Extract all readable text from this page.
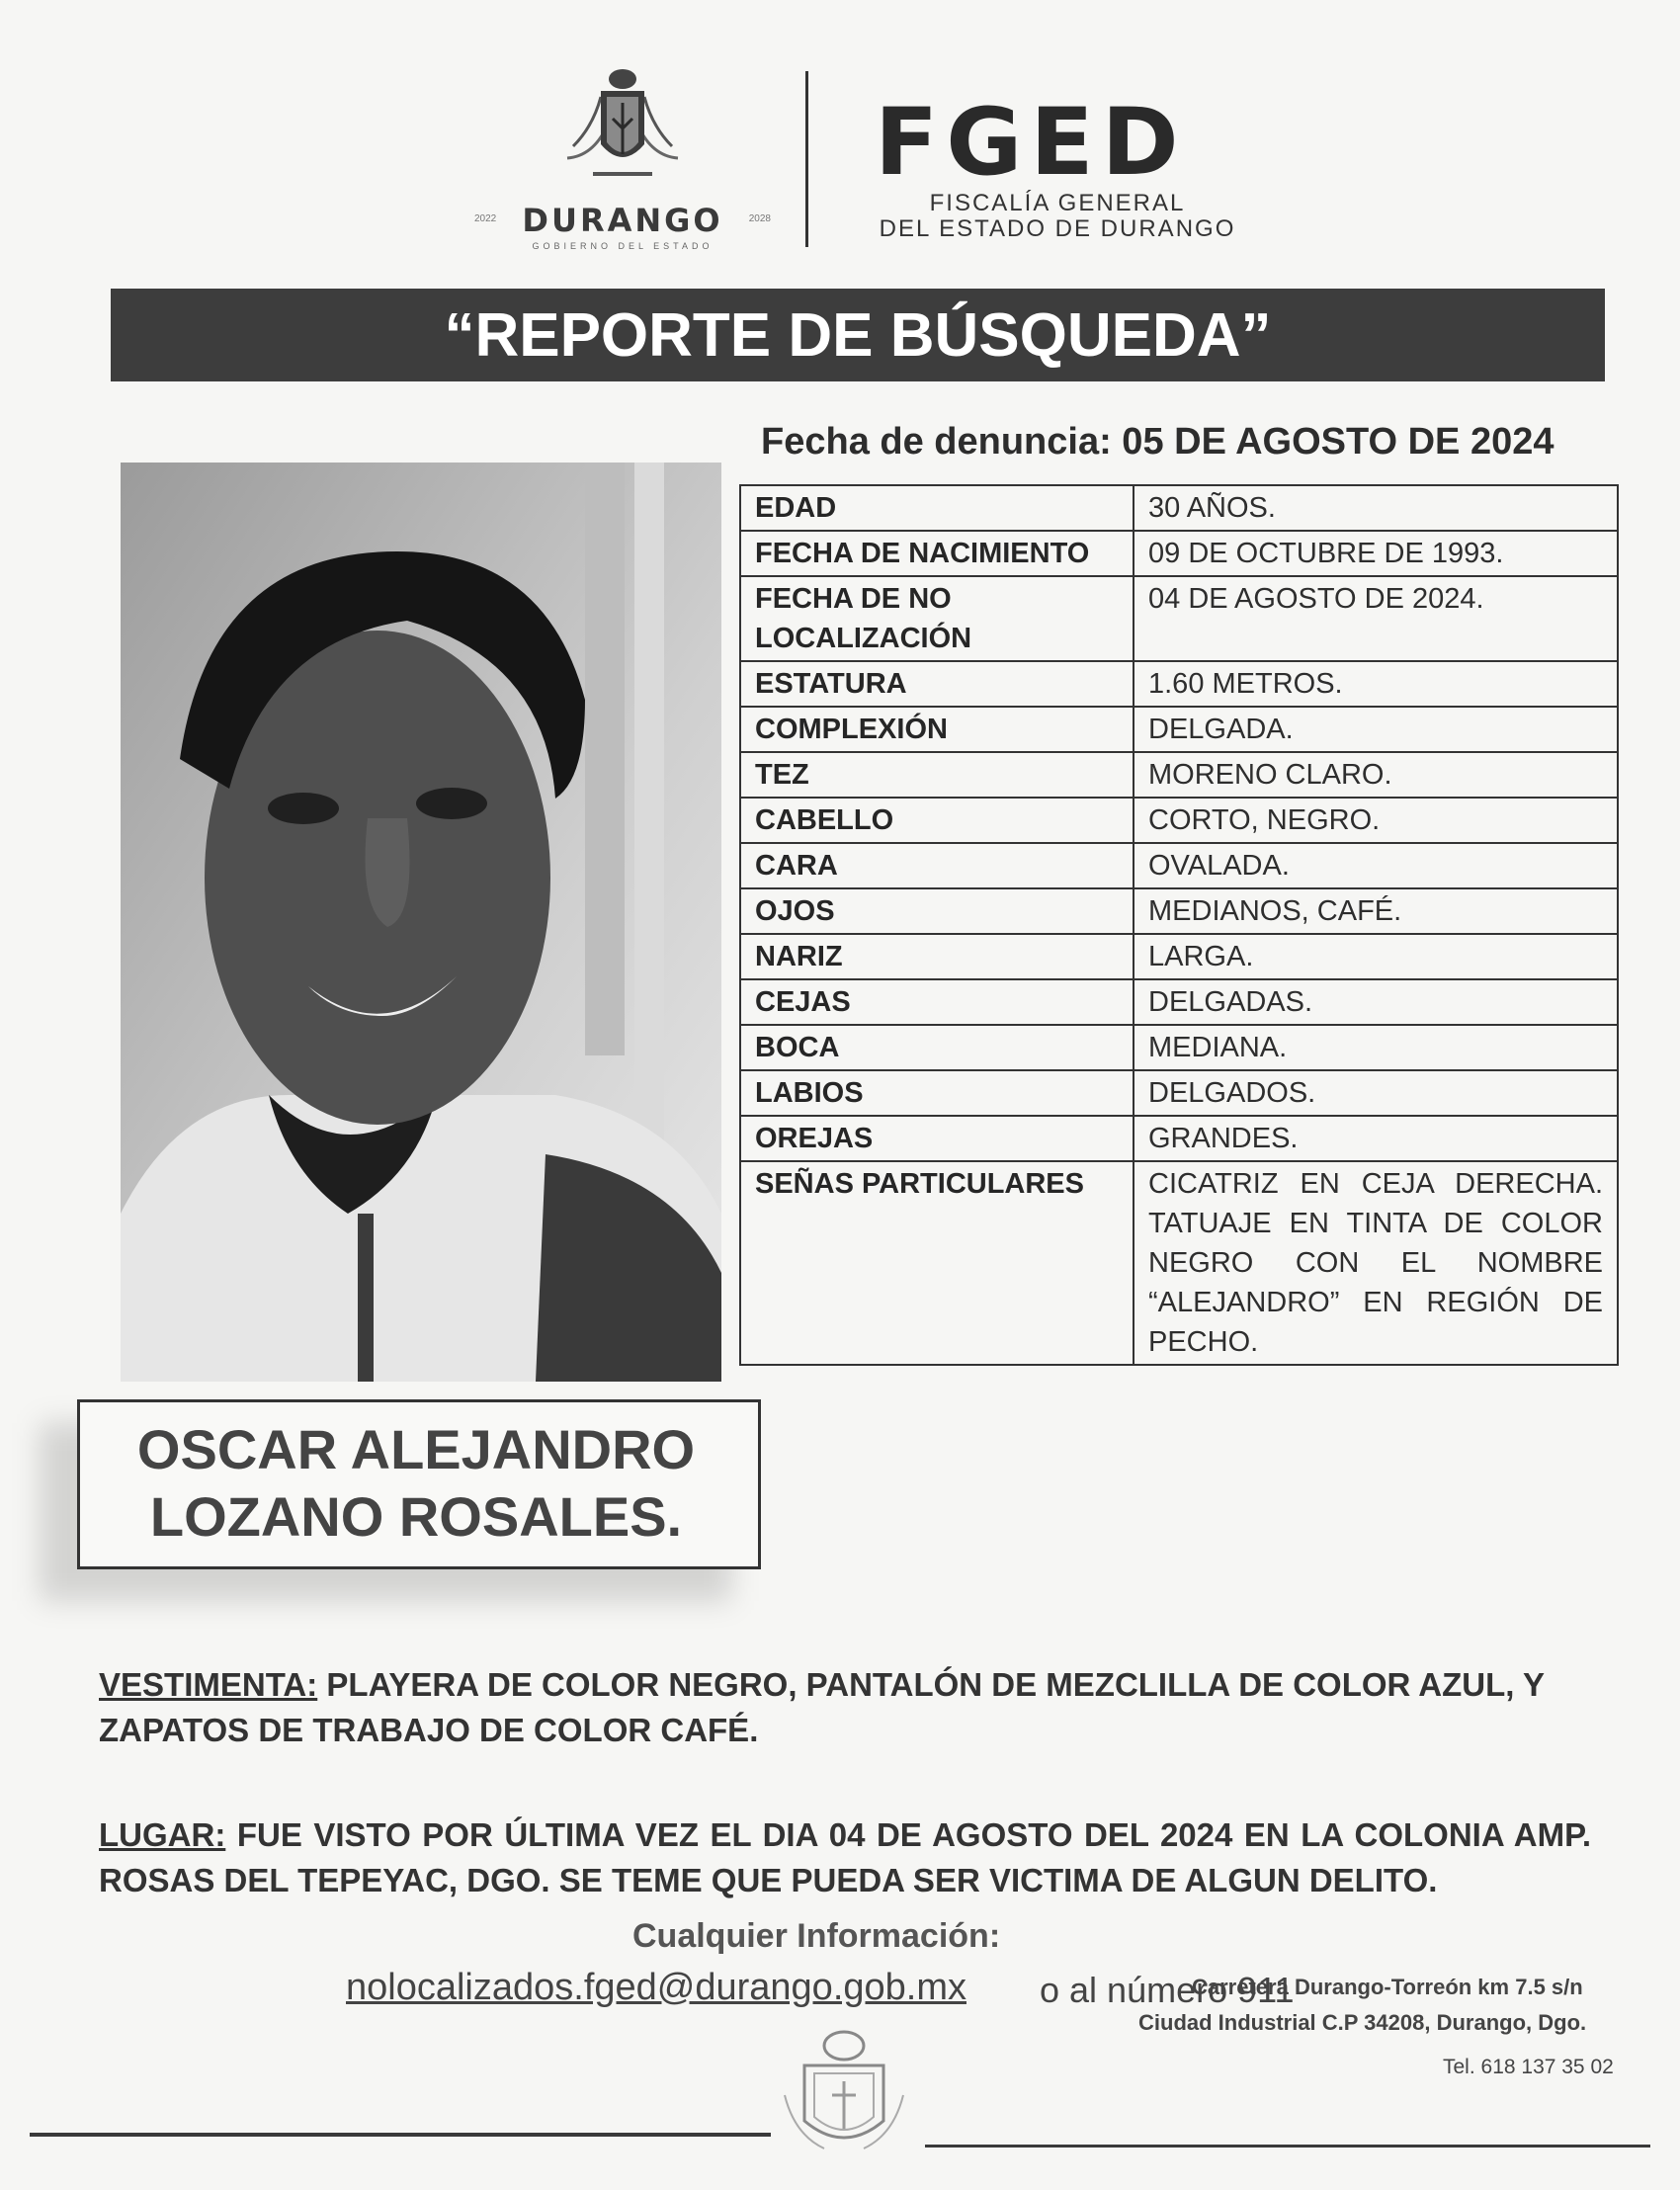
2022 DURANGO	2028
GOBIERNO DEL ESTADO
FGED
FISCALÍA GENERAL
DEL ESTADO DE DURANGO
“REPORTE DE BÚSQUEDA”
Fecha de denuncia: 05 DE AGOSTO DE 2024
EDAD	30 AÑOS.
FECHA DE NACIMIENTO	09 DE OCTUBRE DE 1993.
FECHA DE NO LOCALIZACIÓN	04 DE AGOSTO DE 2024.
ESTATURA	1.60 METROS.
COMPLEXIÓN	DELGADA.
TEZ	MORENO CLARO.
CABELLO	CORTO, NEGRO.
CARA	OVALADA.
OJOS	MEDIANOS, CAFÉ.
NARIZ	LARGA.
CEJAS	DELGADAS.
BOCA	MEDIANA.
LABIOS	DELGADOS.
OREJAS	GRANDES.
SEÑAS PARTICULARES	CICATRIZ EN CEJA DERECHA. TATUAJE EN TINTA DE COLOR NEGRO CON EL NOMBRE “ALEJANDRO” EN REGIÓN DE PECHO.
OSCAR ALEJANDRO
LOZANO ROSALES.
VESTIMENTA: PLAYERA DE COLOR NEGRO, PANTALÓN DE MEZCLILLA DE COLOR AZUL, Y ZAPATOS DE TRABAJO DE COLOR CAFÉ.
LUGAR: FUE VISTO POR ÚLTIMA VEZ EL DIA 04 DE AGOSTO DEL 2024 EN LA COLONIA AMP. ROSAS DEL TEPEYAC, DGO. SE TEME QUE PUEDA SER VICTIMA DE ALGUN DELITO.
Cualquier Información:
nolocalizados.fged@durango.gob.mx o al número 911
Carretera Durango-Torreón km 7.5 s/n
Ciudad Industrial C.P 34208, Durango, Dgo.
Tel. 618 137 35 02
